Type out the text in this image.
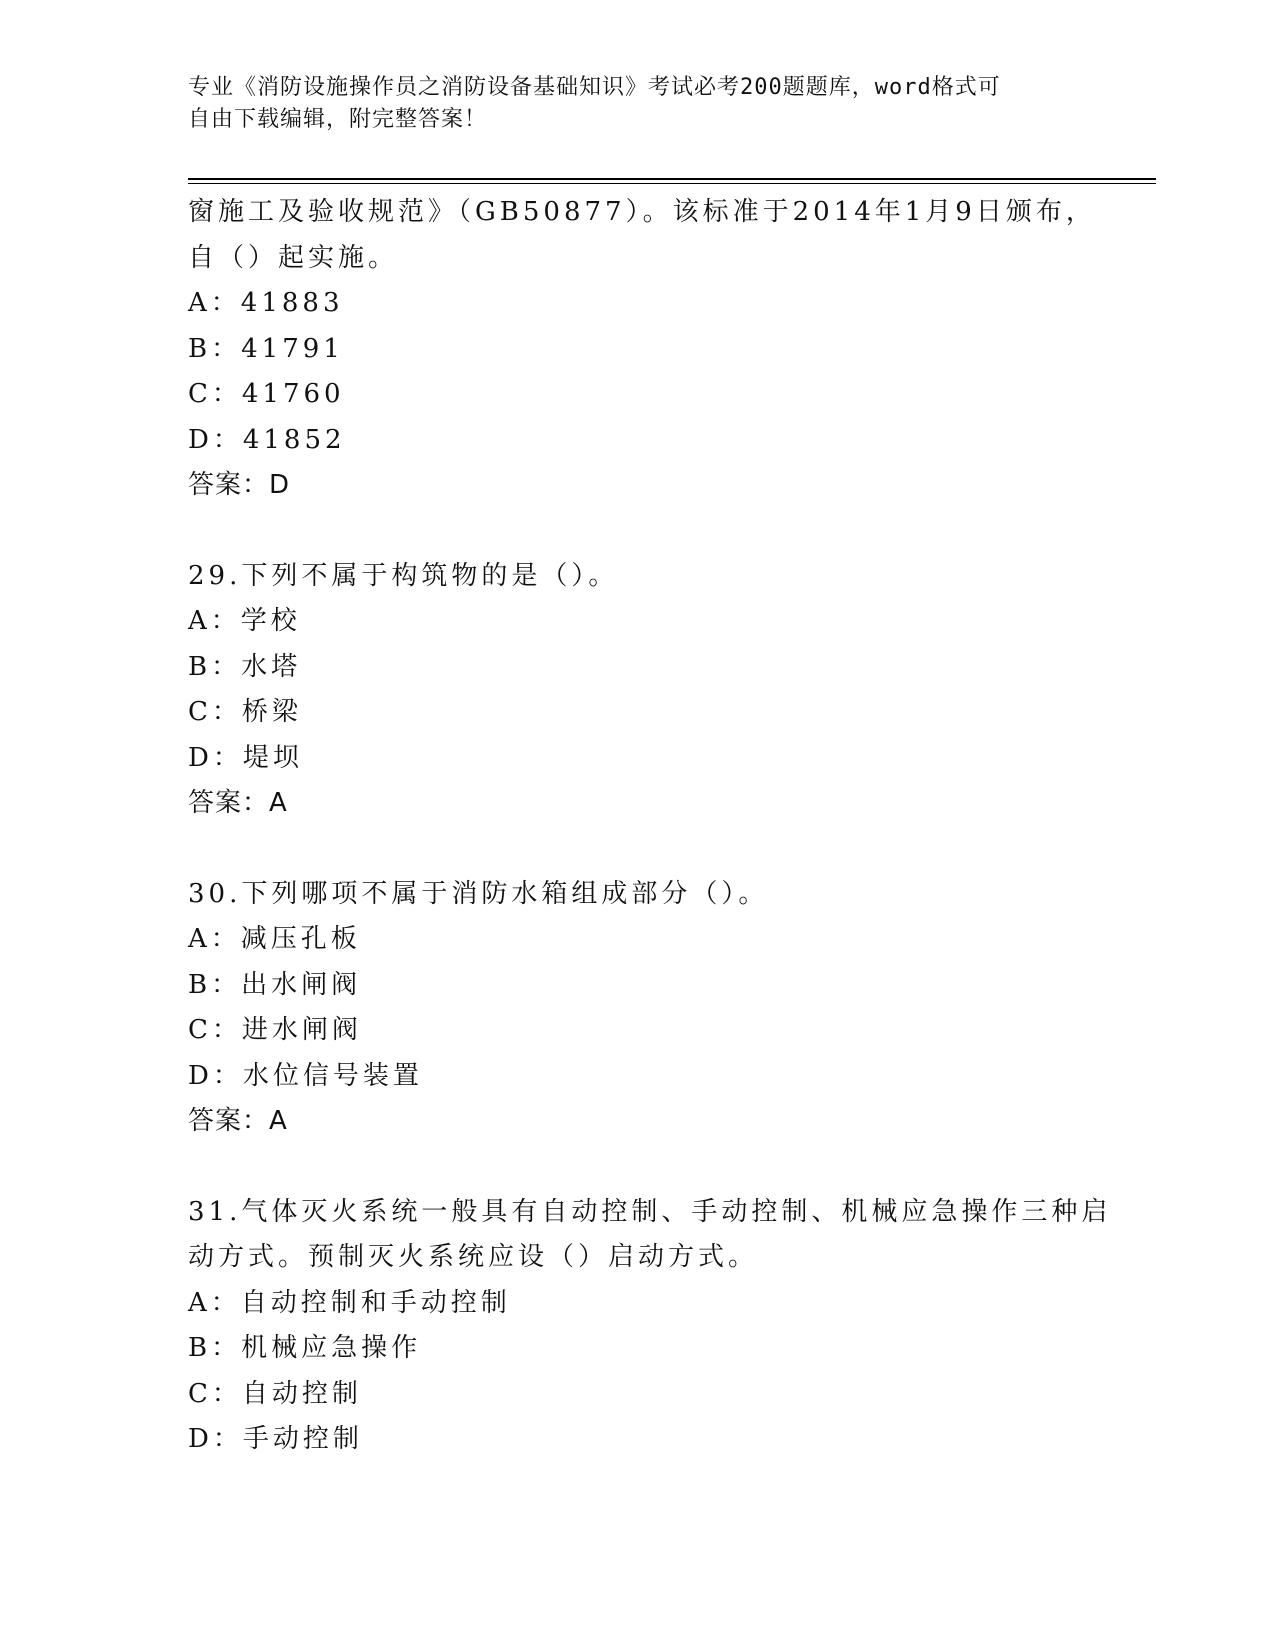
专业《消防设施操作员之消防设备基础知识》考试必考200题题库，word格式可
自由下载编辑，附完整答案！
窗施工及验收规范》（GB50877）。该标准于2014年1月9日颁布，
自（）起实施。
A：41883
B：41791
C：41760
D：41852
答案：D
29.下列不属于构筑物的是（）。
A：学校
B：水塔
C：桥梁
D：堤坝
答案：A
30.下列哪项不属于消防水箱组成部分（）。
A：减压孔板
B：出水闸阀
C：进水闸阀
D：水位信号装置
答案：A
31.气体灭火系统一般具有自动控制、手动控制、机械应急操作三种启
动方式。预制灭火系统应设（）启动方式。
A：自动控制和手动控制
B：机械应急操作
C：自动控制
D：手动控制
